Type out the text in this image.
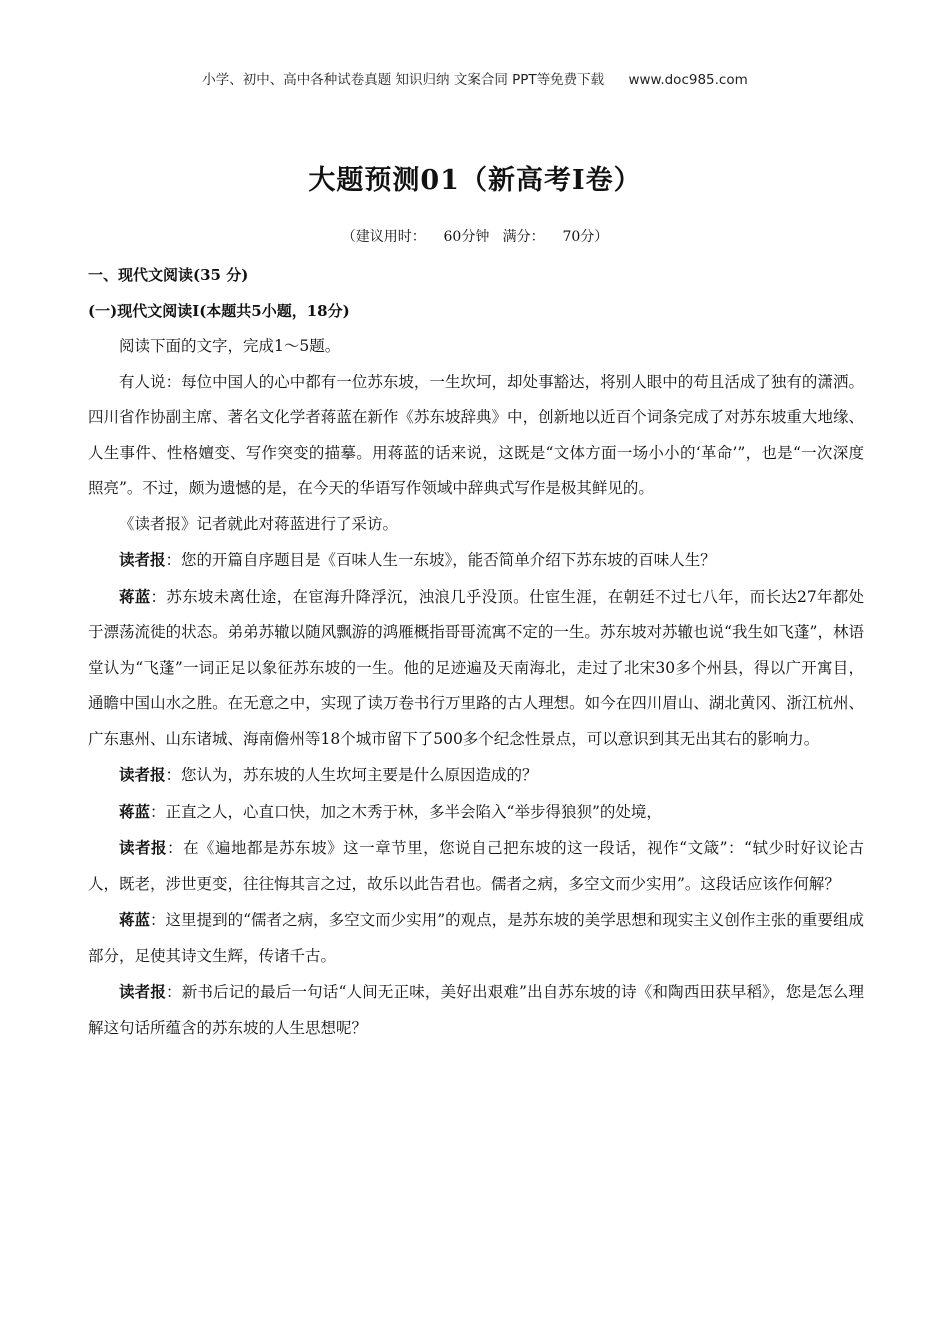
小学、初中、高中各种试卷真题 知识归纳 文案合同 PPT等免费下载 www.doc985.com
大题预测01（新高考Ⅰ卷）
（建议用时：    60分钟   满分：    70分）

一、现代文阅读(35 分)

(一)现代文阅读Ⅰ(本题共5小题，18分)

阅读下面的文字，完成1～5题。

有人说：每位中国人的心中都有一位苏东坡，一生坎坷，却处事豁达，将别人眼中的苟且活成了独有的潇洒。四川省作协副主席、著名文化学者蒋蓝在新作《苏东坡辞典》中，创新地以近百个词条完成了对苏东坡重大地缘、人生事件、性格嬗变、写作突变的描摹。用蒋蓝的话来说，这既是“文体方面一场小小的‘革命’”，也是“一次深度照亮”。不过，颇为遗憾的是，在今天的华语写作领域中辞典式写作是极其鲜见的。

《读者报》记者就此对蒋蓝进行了采访。

读者报：您的开篇自序题目是《百味人生一东坡》，能否简单介绍下苏东坡的百味人生？

蒋蓝：苏东坡未离仕途，在宦海升降浮沉，浊浪几乎没顶。仕宦生涯，在朝廷不过七八年，而长达27年都处于漂荡流徙的状态。弟弟苏辙以随风飘游的鸿雁概指哥哥流寓不定的一生。苏东坡对苏辙也说“我生如飞蓬”，林语堂认为“飞蓬”一词正足以象征苏东坡的一生。他的足迹遍及天南海北，走过了北宋30多个州县，得以广开寓目，通瞻中国山水之胜。在无意之中，实现了读万卷书行万里路的古人理想。如今在四川眉山、湖北黄冈、浙江杭州、广东惠州、山东诸城、海南儋州等18个城市留下了500多个纪念性景点，可以意识到其无出其右的影响力。

读者报：您认为，苏东坡的人生坎坷主要是什么原因造成的？

蒋蓝：正直之人，心直口快，加之木秀于林，多半会陷入“举步得狼狈”的处境，

读者报：在《遍地都是苏东坡》这一章节里，您说自己把东坡的这一段话，视作“文箴”：“轼少时好议论古人，既老，涉世更变，往往悔其言之过，故乐以此告君也。儒者之病，多空文而少实用”。这段话应该作何解？

蒋蓝：这里提到的“儒者之病，多空文而少实用”的观点，是苏东坡的美学思想和现实主义创作主张的重要组成部分，足使其诗文生辉，传诸千古。

读者报：新书后记的最后一句话“人间无正味，美好出艰难”出自苏东坡的诗《和陶西田获早稻》，您是怎么理解这句话所蕴含的苏东坡的人生思想呢？
